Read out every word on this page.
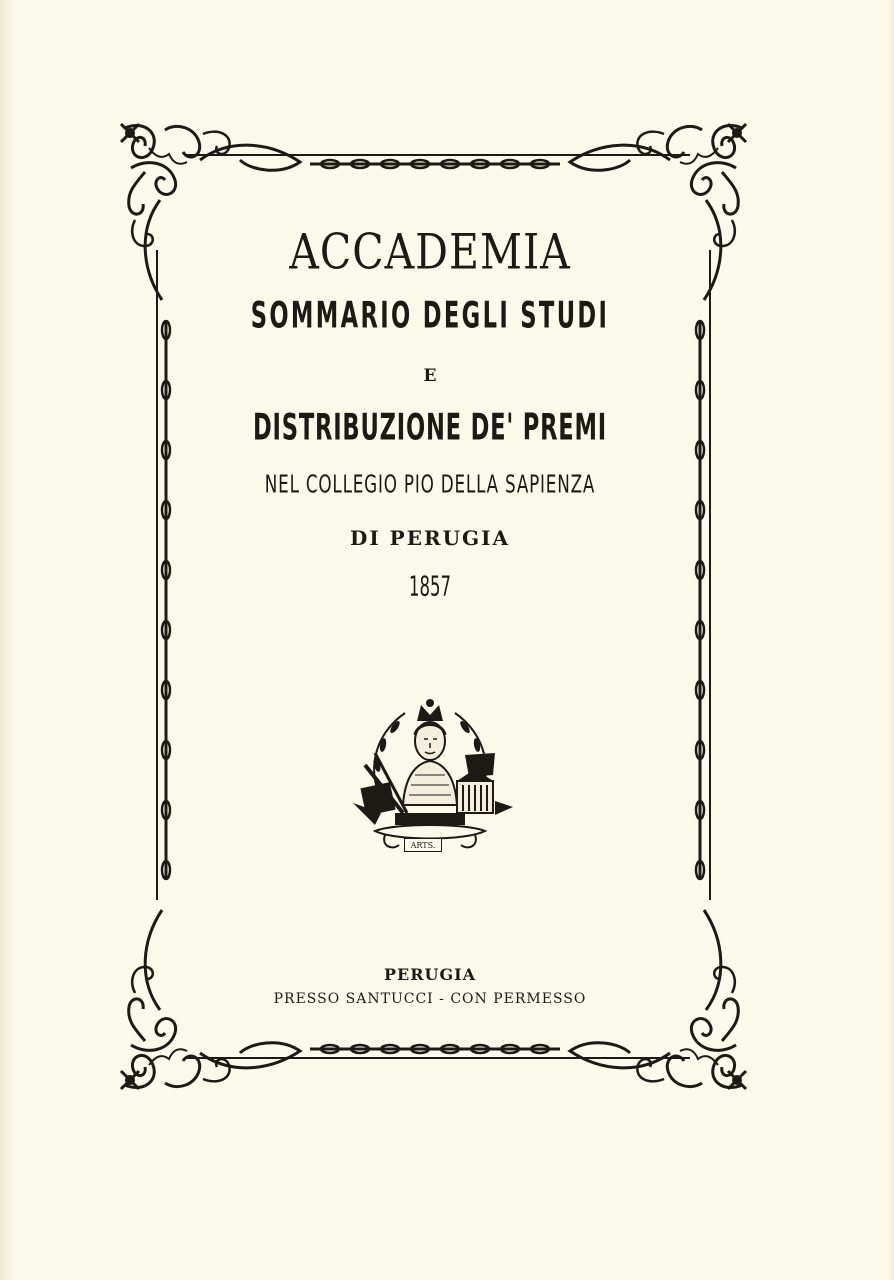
ACCADEMIA
SOMMARIO DEGLI STUDI
E
DISTRIBUZIONE DE' PREMI
NEL COLLEGIO PIO DELLA SAPIENZA
DI PERUGIA
1857
ARTS.
PERUGIA
PRESSO SANTUCCI - CON PERMESSO
